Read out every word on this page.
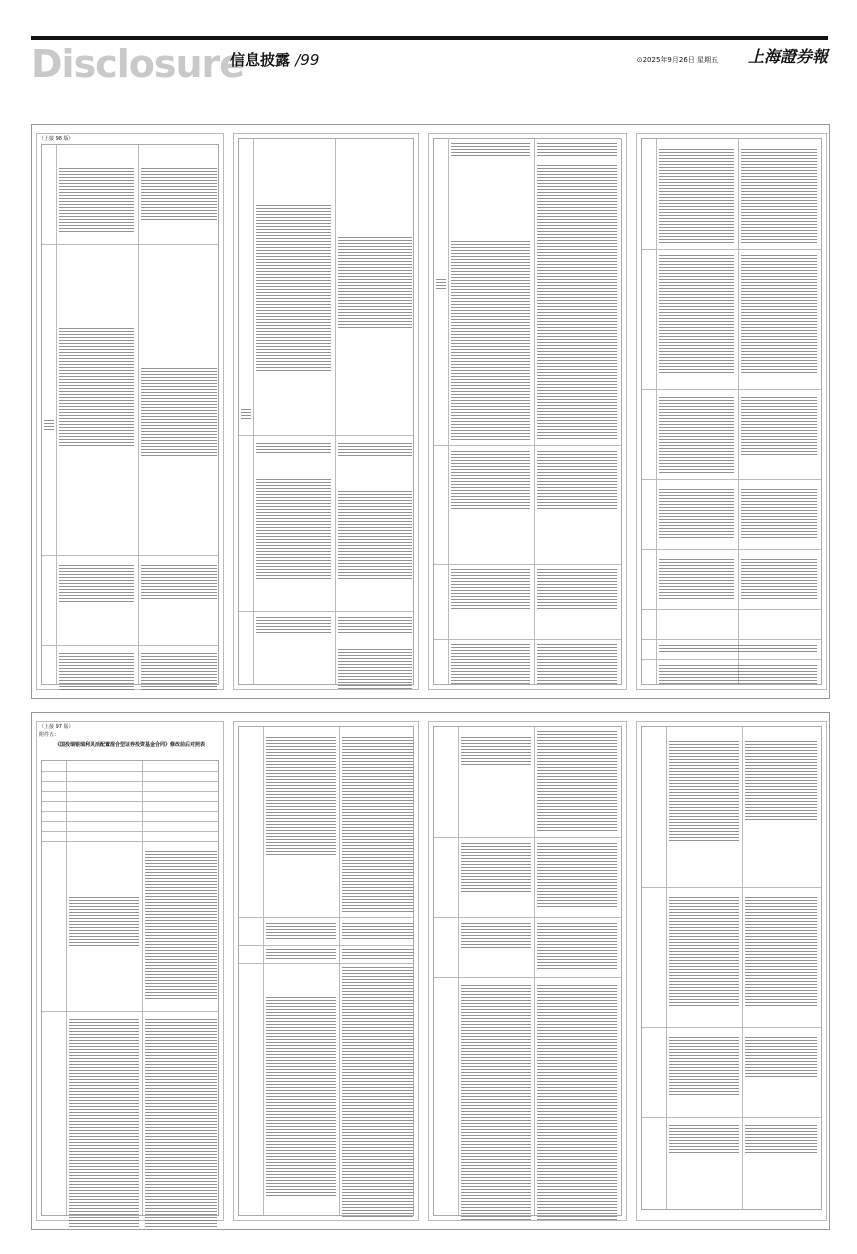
Disclosure
信息披露 /99	⊙2025年9月26日 星期五 上海證券報
（上接 98 版）
（上接 97 版）
附件五：
《国投瑞银瑞利灵活配置混合型证券投资基金合同》修改前后对照表
